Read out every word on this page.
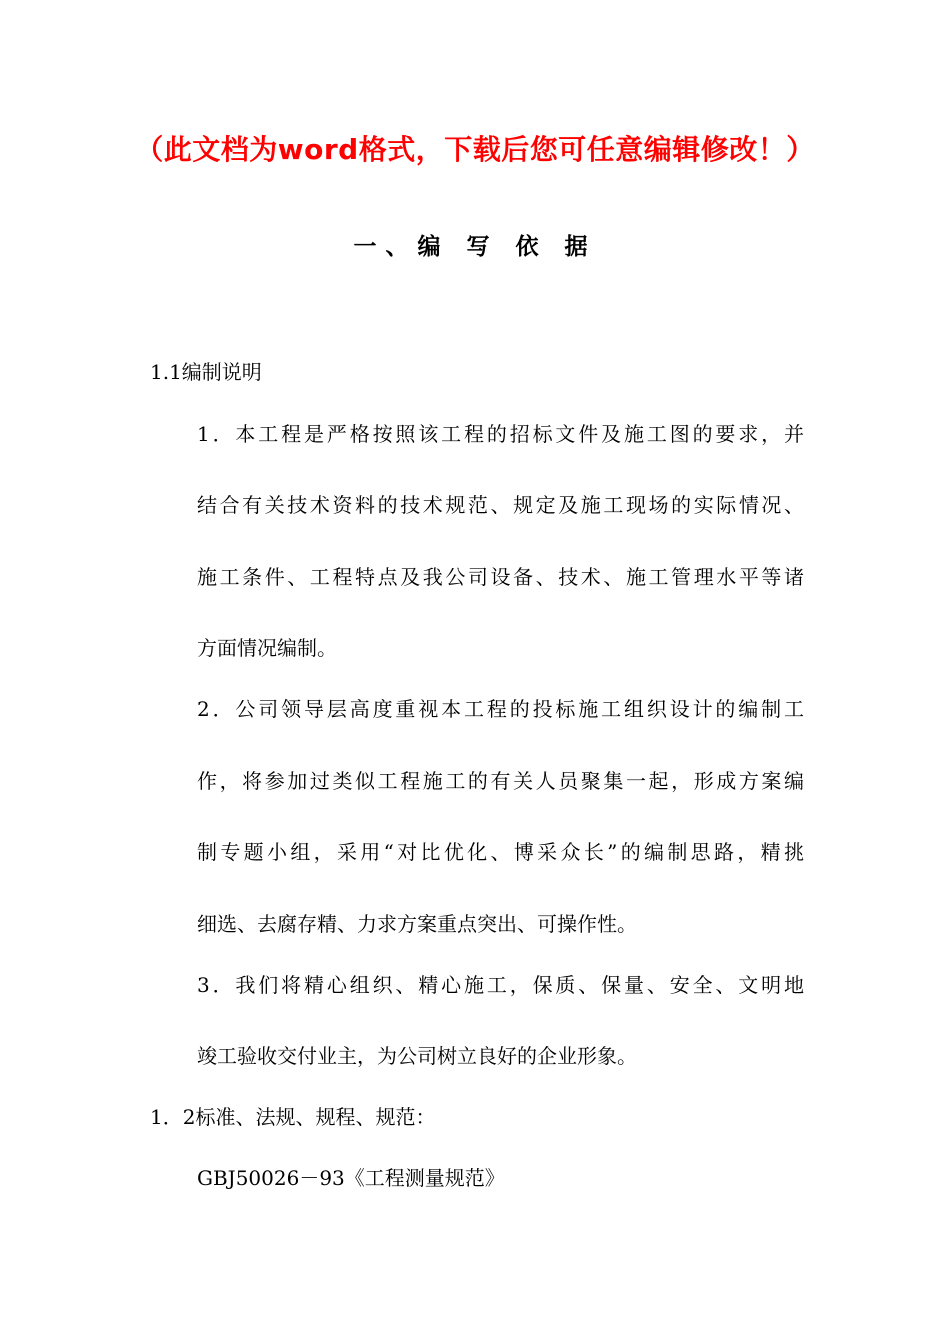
（此文档为word格式，下载后您可任意编辑修改！）
一、编 写 依 据
1.1编制说明
1．本工程是严格按照该工程的招标文件及施工图的要求，并
结合有关技术资料的技术规范、规定及施工现场的实际情况、
施工条件、工程特点及我公司设备、技术、施工管理水平等诸
方面情况编制。
2．公司领导层高度重视本工程的投标施工组织设计的编制工
作，将参加过类似工程施工的有关人员聚集一起，形成方案编
制专题小组，采用“对比优化、博采众长”的编制思路，精挑
细选、去腐存精、力求方案重点突出、可操作性。
3．我们将精心组织、精心施工，保质、保量、安全、文明地
竣工验收交付业主，为公司树立良好的企业形象。
1．2标准、法规、规程、规范：
GBJ50026－93《工程测量规范》
